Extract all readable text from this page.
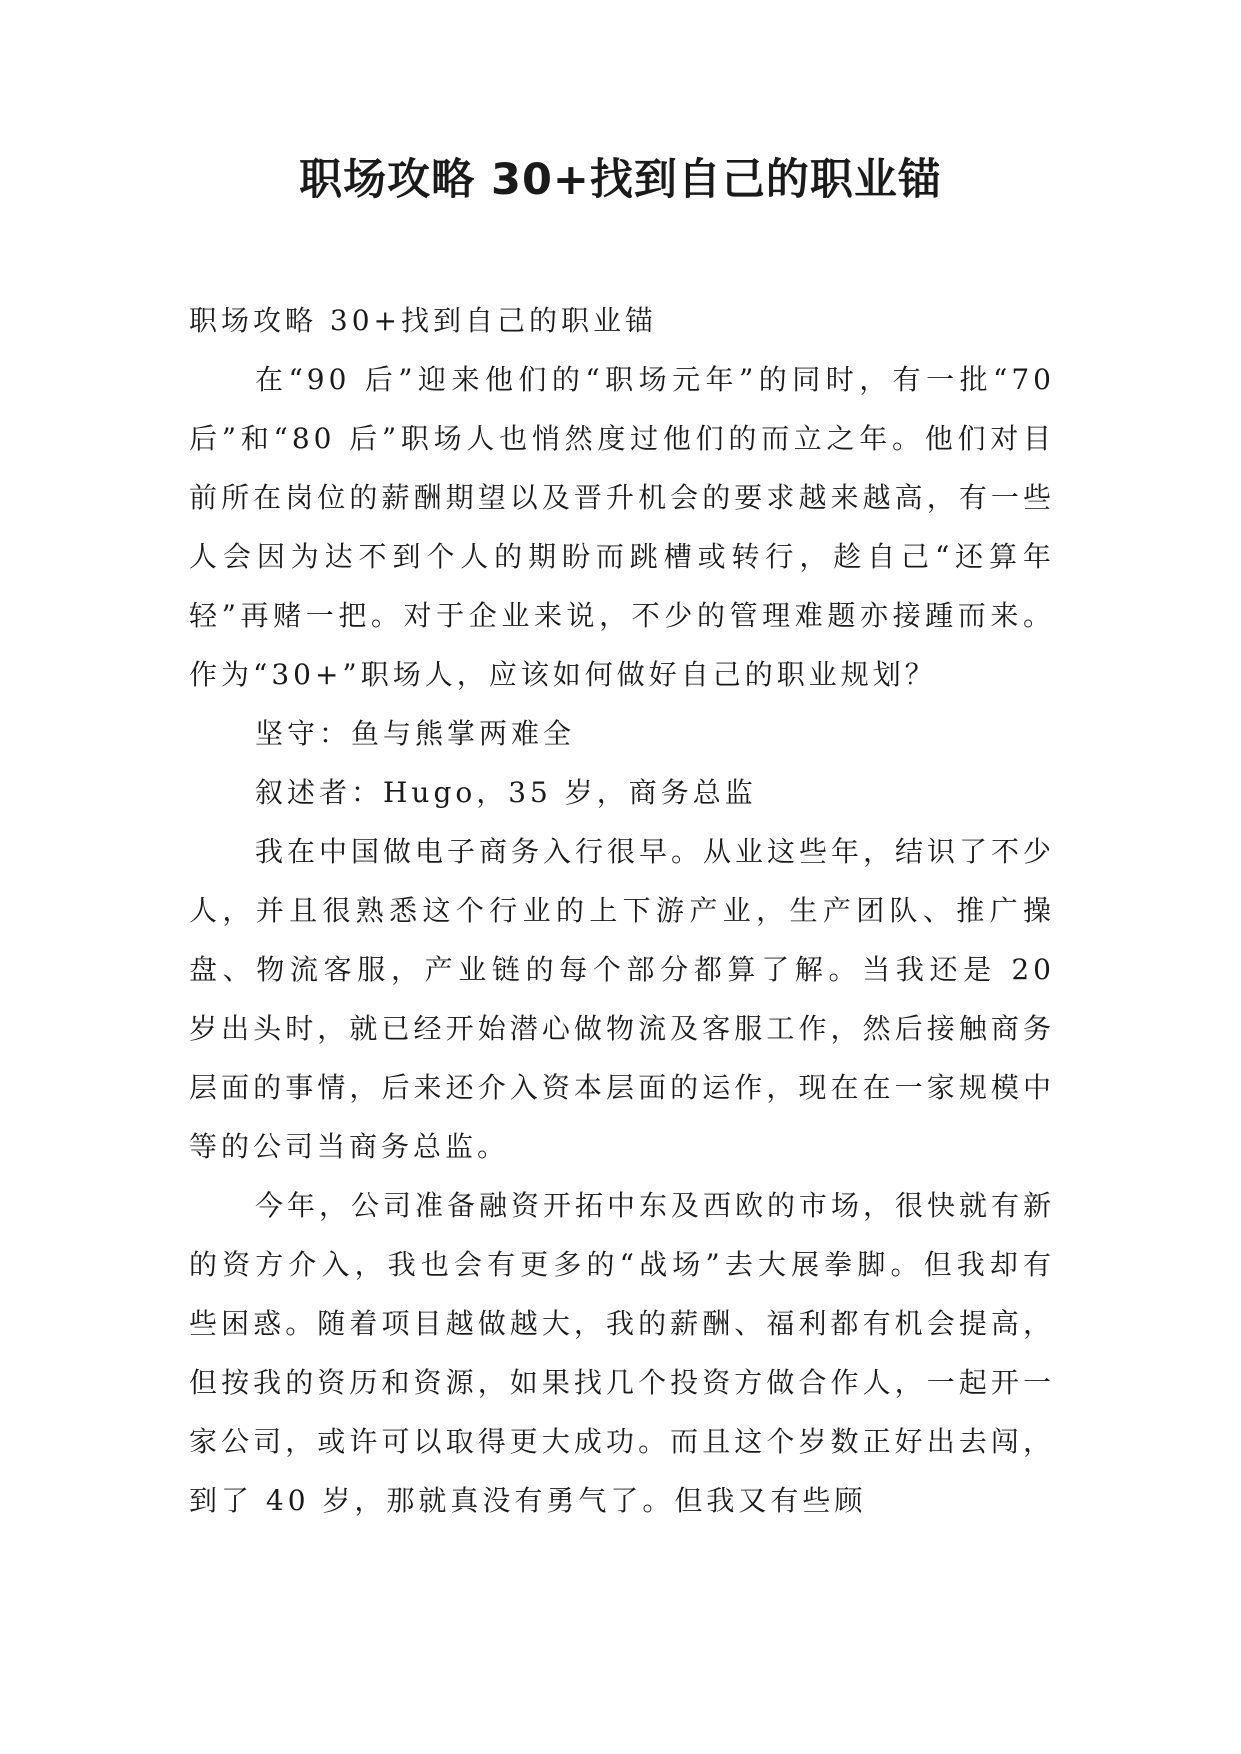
职场攻略 30+找到自己的职业锚

职场攻略 30+找到自己的职业锚

在“90 后”迎来他们的“职场元年”的同时，有一批“70 后”和“80 后”职场人也悄然度过他们的而立之年。他们对目前所在岗位的薪酬期望以及晋升机会的要求越来越高，有一些人会因为达不到个人的期盼而跳槽或转行，趁自己“还算年轻”再赌一把。对于企业来说，不少的管理难题亦接踵而来。作为“30+”职场人，应该如何做好自己的职业规划？

坚守：鱼与熊掌两难全

叙述者：Hugo，35 岁，商务总监

我在中国做电子商务入行很早。从业这些年，结识了不少人，并且很熟悉这个行业的上下游产业，生产团队、推广操盘、物流客服，产业链的每个部分都算了解。当我还是 20 岁出头时，就已经开始潜心做物流及客服工作，然后接触商务层面的事情，后来还介入资本层面的运作，现在在一家规模中等的公司当商务总监。

今年，公司准备融资开拓中东及西欧的市场，很快就有新的资方介入，我也会有更多的“战场”去大展拳脚。但我却有些困惑。随着项目越做越大，我的薪酬、福利都有机会提高，但按我的资历和资源，如果找几个投资方做合作人，一起开一家公司，或许可以取得更大成功。而且这个岁数正好出去闯，到了 40 岁，那就真没有勇气了。但我又有些顾
